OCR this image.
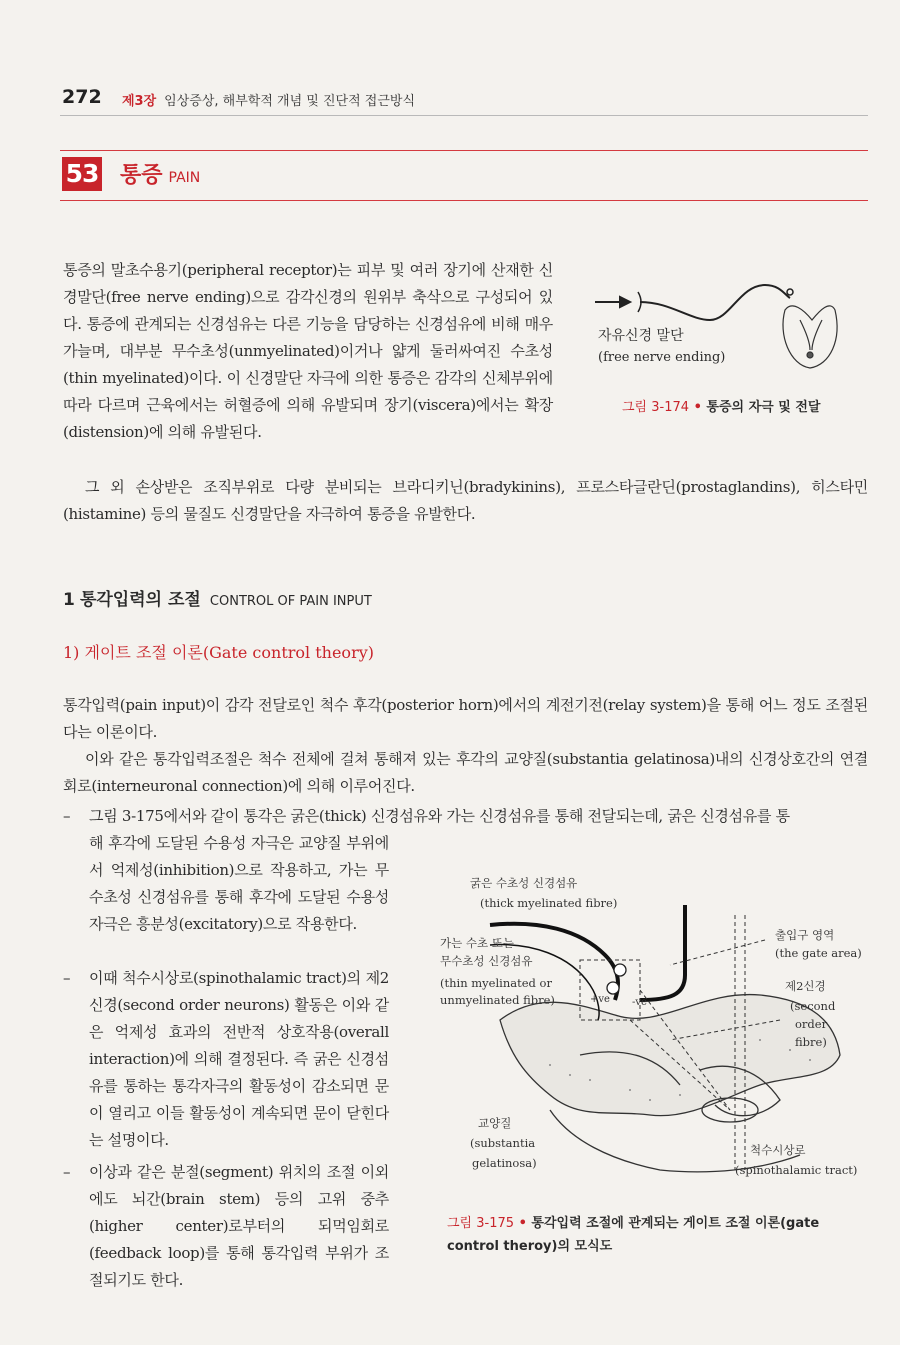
272 제3장 임상증상, 해부학적 개념 및 진단적 접근방식
53 통증 PAIN
통증의 말초수용기(peripheral receptor)는 피부 및 여러 장기에 산재한 신경말단(free nerve ending)으로 감각신경의 원위부 축삭으로 구성되어 있다. 통증에 관계되는 신경섬유는 다른 기능을 담당하는 신경섬유에 비해 매우 가늘며, 대부분 무수초성(unmyelinated)이거나 얇게 둘러싸여진 수초성(thin myelinated)이다. 이 신경말단 자극에 의한 통증은 감각의 신체부위에 따라 다르며 근육에서는 허혈증에 의해 유발되며 장기(viscera)에서는 확장(distension)에 의해 유발된다.
그 외 손상받은 조직부위로 다량 분비되는 브라디키닌(bradykinins), 프로스타글란딘(prostaglandins), 히스타민(histamine) 등의 물질도 신경말단을 자극하여 통증을 유발한다.
자유신경 말단
(free nerve ending)
그림 3-174 • 통증의 자극 및 전달
1 통각입력의 조절 CONTROL OF PAIN INPUT
1) 게이트 조절 이론(Gate control theory)
통각입력(pain input)이 감각 전달로인 척수 후각(posterior horn)에서의 계전기전(relay system)을 통해 어느 정도 조절된다는 이론이다.
이와 같은 통각입력조절은 척수 전체에 걸쳐 통해져 있는 후각의 교양질(substantia gelatinosa)내의 신경상호간의 연결회로(interneuronal connection)에 의해 이루어진다.
– 그림 3-175에서와 같이 통각은 굵은(thick) 신경섬유와 가는 신경섬유를 통해 전달되는데, 굵은 신경섬유를 통
해 후각에 도달된 수용성 자극은 교양질 부위에서 억제성(inhibition)으로 작용하고, 가는 무수초성 신경섬유를 통해 후각에 도달된 수용성 자극은 흥분성(excitatory)으로 작용한다.
– 이때 척수시상로(spinothalamic tract)의 제2 신경(second order neurons) 활동은 이와 같은 억제성 효과의 전반적 상호작용(overall interaction)에 의해 결정된다. 즉 굵은 신경섬유를 통하는 통각자극의 활동성이 감소되면 문이 열리고 이들 활동성이 계속되면 문이 닫힌다는 설명이다.
– 이상과 같은 분절(segment) 위치의 조절 이외에도 뇌간(brain stem) 등의 고위 중추(higher center)로부터의 되먹임회로(feedback loop)를 통해 통각입력 부위가 조절되기도 한다.
굵은 수초성 신경섬유
(thick myelinated fibre)
가는 수초 또는
무수초성 신경섬유
(thin myelinated or
unmyelinated fibre)
출입구 영역
(the gate area)
제2신경
(second
order
fibre)
교양질
(substantia
gelatinosa)
척수시상로
(spinothalamic tract)
+ve -ve
그림 3-175 • 통각입력 조절에 관계되는 게이트 조절 이론(gate control theroy)의 모식도
